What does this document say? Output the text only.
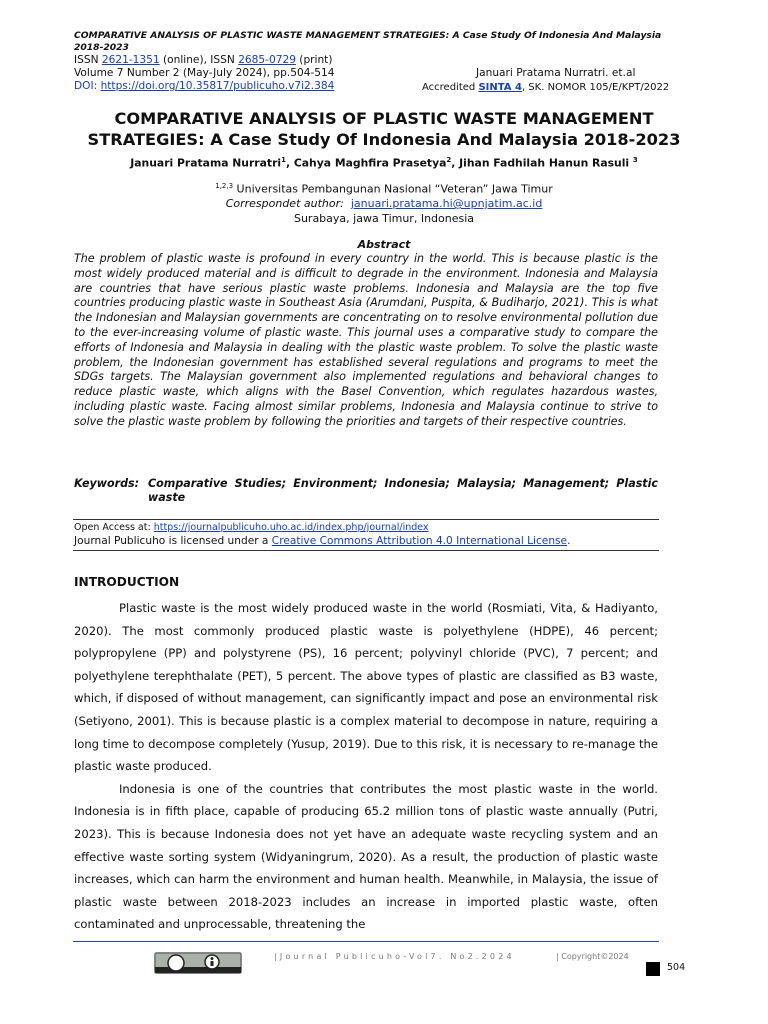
COMPARATIVE ANALYSIS OF PLASTIC WASTE MANAGEMENT STRATEGIES: A Case Study Of Indonesia And Malaysia 2018-2023
ISSN 2621-1351 (online), ISSN 2685-0729 (print)
Volume 7 Number 2 (May-July 2024), pp.504-514	Januari Pratama Nurratri. et.al
DOI: https://doi.org/10.35817/publicuho.v7i2.384	Accredited SINTA 4, SK. NOMOR 105/E/KPT/2022
COMPARATIVE ANALYSIS OF PLASTIC WASTE MANAGEMENT STRATEGIES: A Case Study Of Indonesia And Malaysia 2018-2023
Januari Pratama Nurratri$^1$, Cahya Maghfira Prasetya$^2$, Jihan Fadhilah Hanun Rasuli $^3$
$^{1,2,3}$ Universitas Pembangunan Nasional “Veteran” Jawa Timur
Correspondet author: januari.pratama.hi@upnjatim.ac.id
Surabaya, jawa Timur, Indonesia
Abstract
The problem of plastic waste is profound in every country in the world. This is because plastic is the most widely produced material and is difficult to degrade in the environment. Indonesia and Malaysia are countries that have serious plastic waste problems. Indonesia and Malaysia are the top five countries producing plastic waste in Southeast Asia (Arumdani, Puspita, & Budiharjo, 2021). This is what the Indonesian and Malaysian governments are concentrating on to resolve environmental pollution due to the ever-increasing volume of plastic waste. This journal uses a comparative study to compare the efforts of Indonesia and Malaysia in dealing with the plastic waste problem. To solve the plastic waste problem, the Indonesian government has established several regulations and programs to meet the SDGs targets. The Malaysian government also implemented regulations and behavioral changes to reduce plastic waste, which aligns with the Basel Convention, which regulates hazardous wastes, including plastic waste. Facing almost similar problems, Indonesia and Malaysia continue to strive to solve the plastic waste problem by following the priorities and targets of their respective countries.
Keywords: Comparative Studies; Environment; Indonesia; Malaysia; Management; Plastic waste
Open Access at: https://journalpublicuho.uho.ac.id/index.php/journal/index
Journal Publicuho is licensed under a Creative Commons Attribution 4.0 International License.
INTRODUCTION

Plastic waste is the most widely produced waste in the world (Rosmiati, Vita, & Hadiyanto, 2020). The most commonly produced plastic waste is polyethylene (HDPE), 46 percent; polypropylene (PP) and polystyrene (PS), 16 percent; polyvinyl chloride (PVC), 7 percent; and polyethylene terephthalate (PET), 5 percent. The above types of plastic are classified as B3 waste, which, if disposed of without management, can significantly impact and pose an environmental risk (Setiyono, 2001). This is because plastic is a complex material to decompose in nature, requiring a long time to decompose completely (Yusup, 2019). Due to this risk, it is necessary to re-manage the plastic waste produced.

Indonesia is one of the countries that contributes the most plastic waste in the world. Indonesia is in fifth place, capable of producing 65.2 million tons of plastic waste annually (Putri, 2023). This is because Indonesia does not yet have an adequate waste recycling system and an effective waste sorting system (Widyaningrum, 2020). As a result, the production of plastic waste increases, which can harm the environment and human health. Meanwhile, in Malaysia, the issue of plastic waste between 2018-2023 includes an increase in imported plastic waste, often contaminated and unprocessable, threatening the

|Journal Publicuho-Vol7. No2.2024	| Copyright©2024
504
